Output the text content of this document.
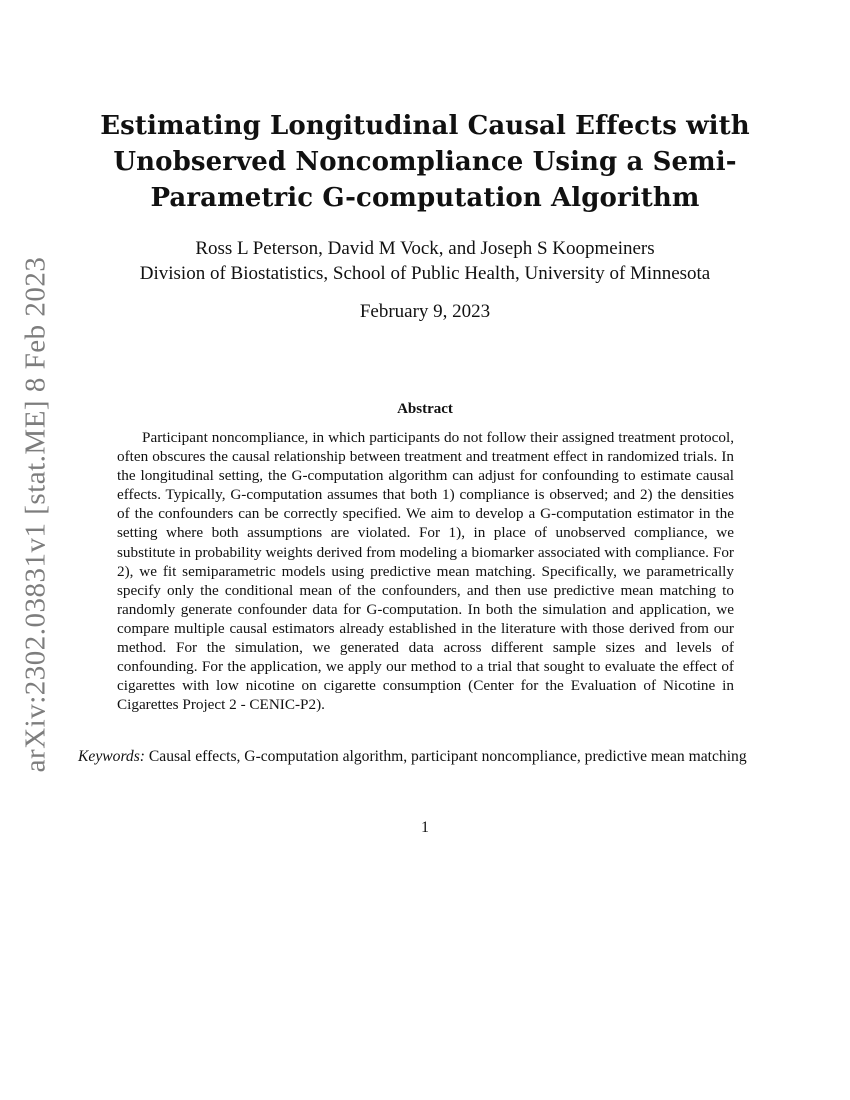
arXiv:2302.03831v1 [stat.ME] 8 Feb 2023
Estimating Longitudinal Causal Effects with Unobserved Noncompliance Using a Semi-Parametric G-computation Algorithm
Ross L Peterson, David M Vock, and Joseph S Koopmeiners
Division of Biostatistics, School of Public Health, University of Minnesota
February 9, 2023
Abstract
Participant noncompliance, in which participants do not follow their assigned treatment protocol, often obscures the causal relationship between treatment and treatment effect in randomized trials. In the longitudinal setting, the G-computation algorithm can adjust for confounding to estimate causal effects. Typically, G-computation assumes that both 1) compliance is observed; and 2) the densities of the confounders can be correctly specified. We aim to develop a G-computation estimator in the setting where both assumptions are violated. For 1), in place of unobserved compliance, we substitute in probability weights derived from modeling a biomarker associated with compliance. For 2), we fit semiparametric models using predictive mean matching. Specifically, we parametrically specify only the conditional mean of the confounders, and then use predictive mean matching to randomly generate confounder data for G-computation. In both the simulation and application, we compare multiple causal estimators already established in the literature with those derived from our method. For the simulation, we generated data across different sample sizes and levels of confounding. For the application, we apply our method to a trial that sought to evaluate the effect of cigarettes with low nicotine on cigarette consumption (Center for the Evaluation of Nicotine in Cigarettes Project 2 - CENIC-P2).
Keywords: Causal effects, G-computation algorithm, participant noncompliance, predictive mean matching
1
